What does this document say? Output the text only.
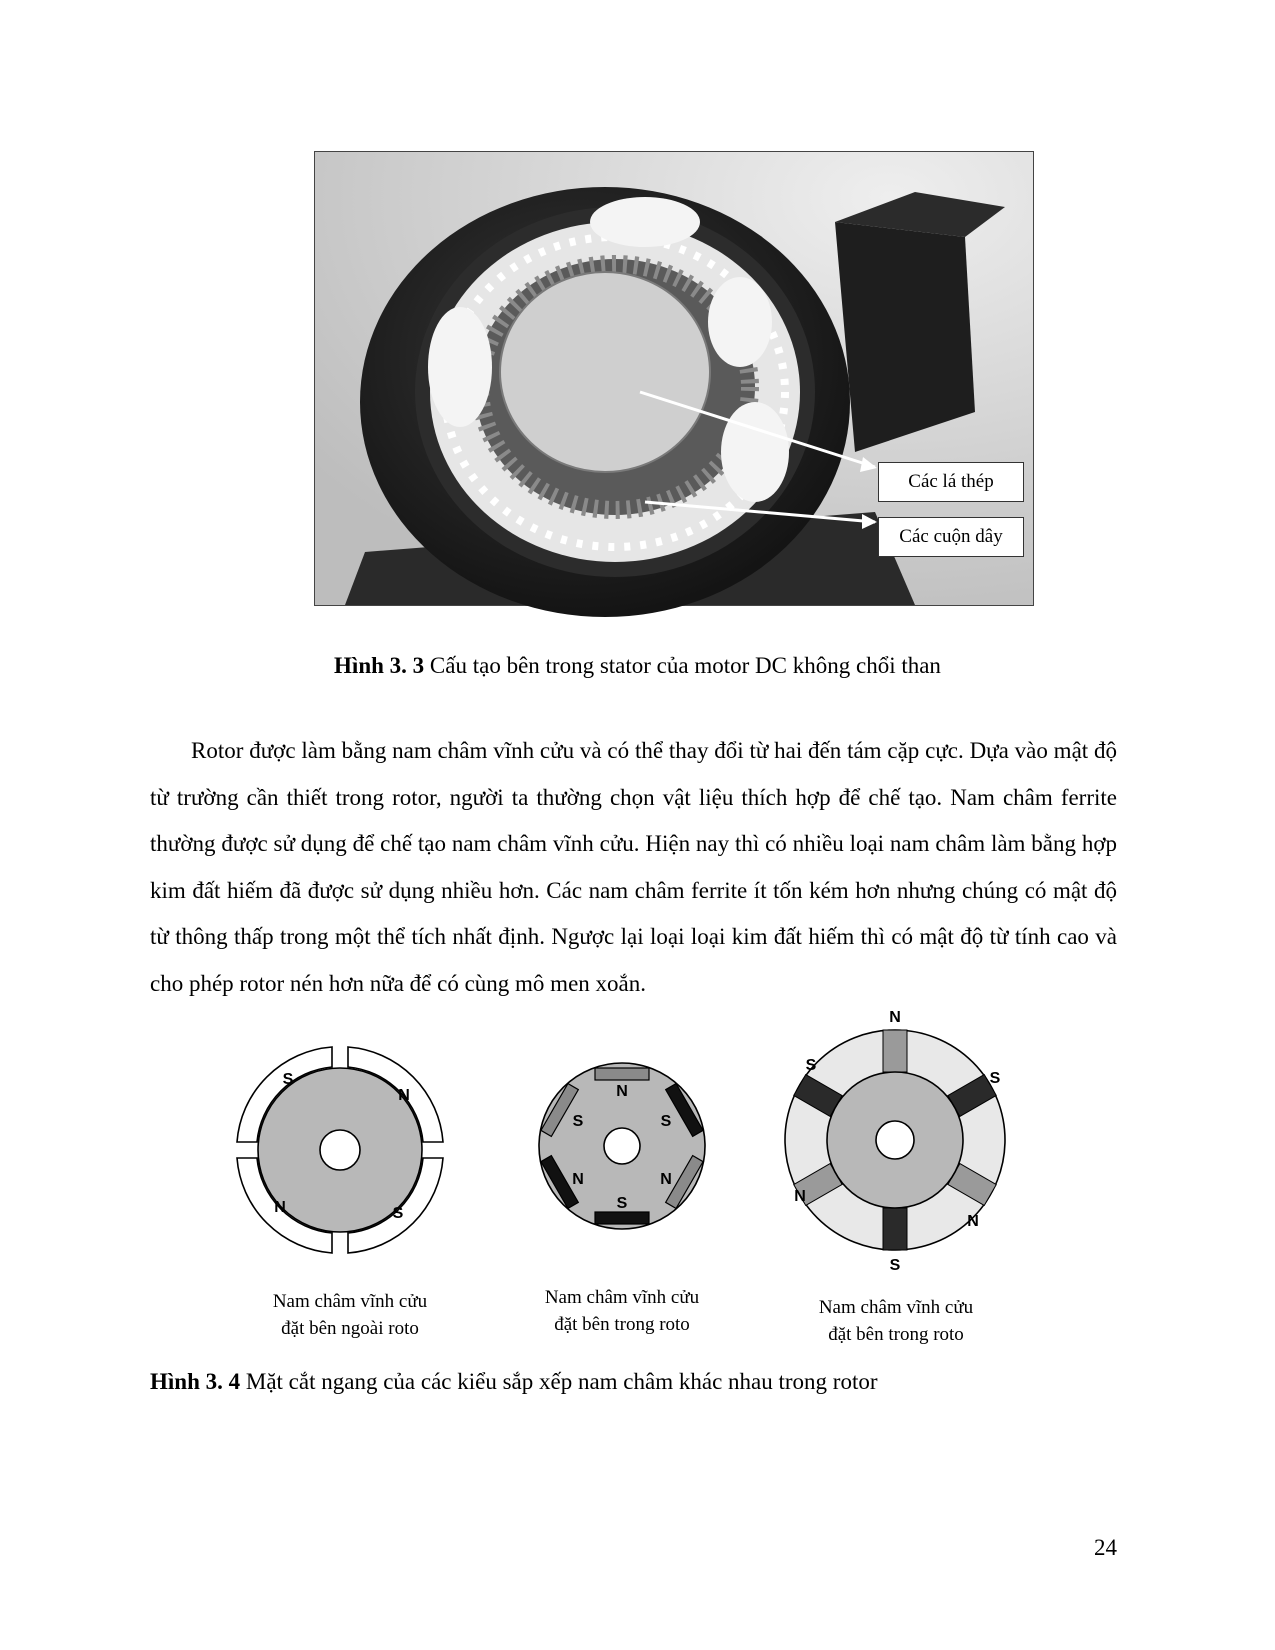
Các lá thép
Các cuộn dây
Hình 3. 3 Cấu tạo bên trong stator của motor DC không chổi than

Rotor được làm bằng nam châm vĩnh cửu và có thể thay đổi từ hai đến tám cặp cực. Dựa vào mật độ từ trường cần thiết trong rotor, người ta thường chọn vật liệu thích hợp để chế tạo. Nam châm ferrite thường được sử dụng để chế tạo nam châm vĩnh cửu. Hiện nay thì có nhiều loại nam châm làm bằng hợp kim đất hiếm đã được sử dụng nhiều hơn. Các nam châm ferrite ít tốn kém hơn nhưng chúng có mật độ từ thông thấp trong một thể tích nhất định. Ngược lại loại loại kim đất hiếm thì có mật độ từ tính cao và cho phép rotor nén hơn nữa để có cùng mô men xoắn.

S
N
N	S
N
S	S
N	N
S
N
S
S
N
N
S
Nam châm vĩnh cửu
đặt bên ngoài roto
Nam châm vĩnh cửu
đặt bên trong roto
Nam châm vĩnh cửu
đặt bên trong roto
Hình 3. 4 Mặt cắt ngang của các kiểu sắp xếp nam châm khác nhau trong rotor
24
